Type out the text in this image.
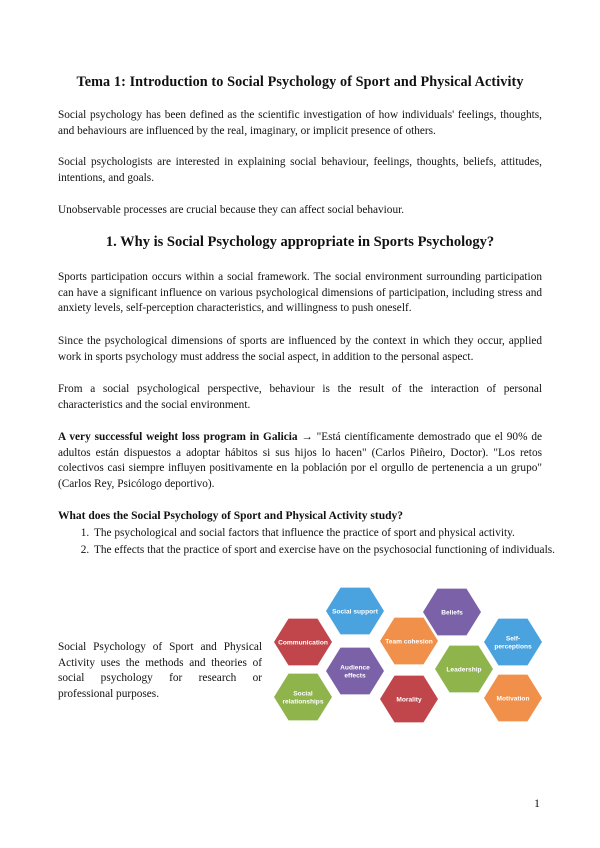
Tema 1: Introduction to Social Psychology of Sport and Physical Activity

Social psychology has been defined as the scientific investigation of how individuals' feelings, thoughts, and behaviours are influenced by the real, imaginary, or implicit presence of others.

Social psychologists are interested in explaining social behaviour, feelings, thoughts, beliefs, attitudes, intentions, and goals.

Unobservable processes are crucial because they can affect social behaviour.

1. Why is Social Psychology appropriate in Sports Psychology?

Sports participation occurs within a social framework. The social environment surrounding participation can have a significant influence on various psychological dimensions of participation, including stress and anxiety levels, self-perception characteristics, and willingness to push oneself.

Since the psychological dimensions of sports are influenced by the context in which they occur, applied work in sports psychology must address the social aspect, in addition to the personal aspect.

From a social psychological perspective, behaviour is the result of the interaction of personal characteristics and the social environment.

A very successful weight loss program in Galicia → "Está científicamente demostrado que el 90% de adultos están dispuestos a adoptar hábitos si sus hijos lo hacen" (Carlos Piñeiro, Doctor). "Los retos colectivos casi siempre influyen positivamente en la población por el orgullo de pertenencia a un grupo" (Carlos Rey, Psicólogo deportivo).

What does the Social Psychology of Sport and Physical Activity study?
1. The psychological and social factors that influence the practice of sport and physical activity.
2. The effects that the practice of sport and exercise have on the psychosocial functioning of individuals.

Social Psychology of Sport and Physical Activity uses the methods and theories of social psychology for research or professional purposes.

Social support	Beliefs
Communication	Team cohesion	Self-
perceptions
Audience
effects
Leadership
Social
relationships	Morality	Motivation
1
